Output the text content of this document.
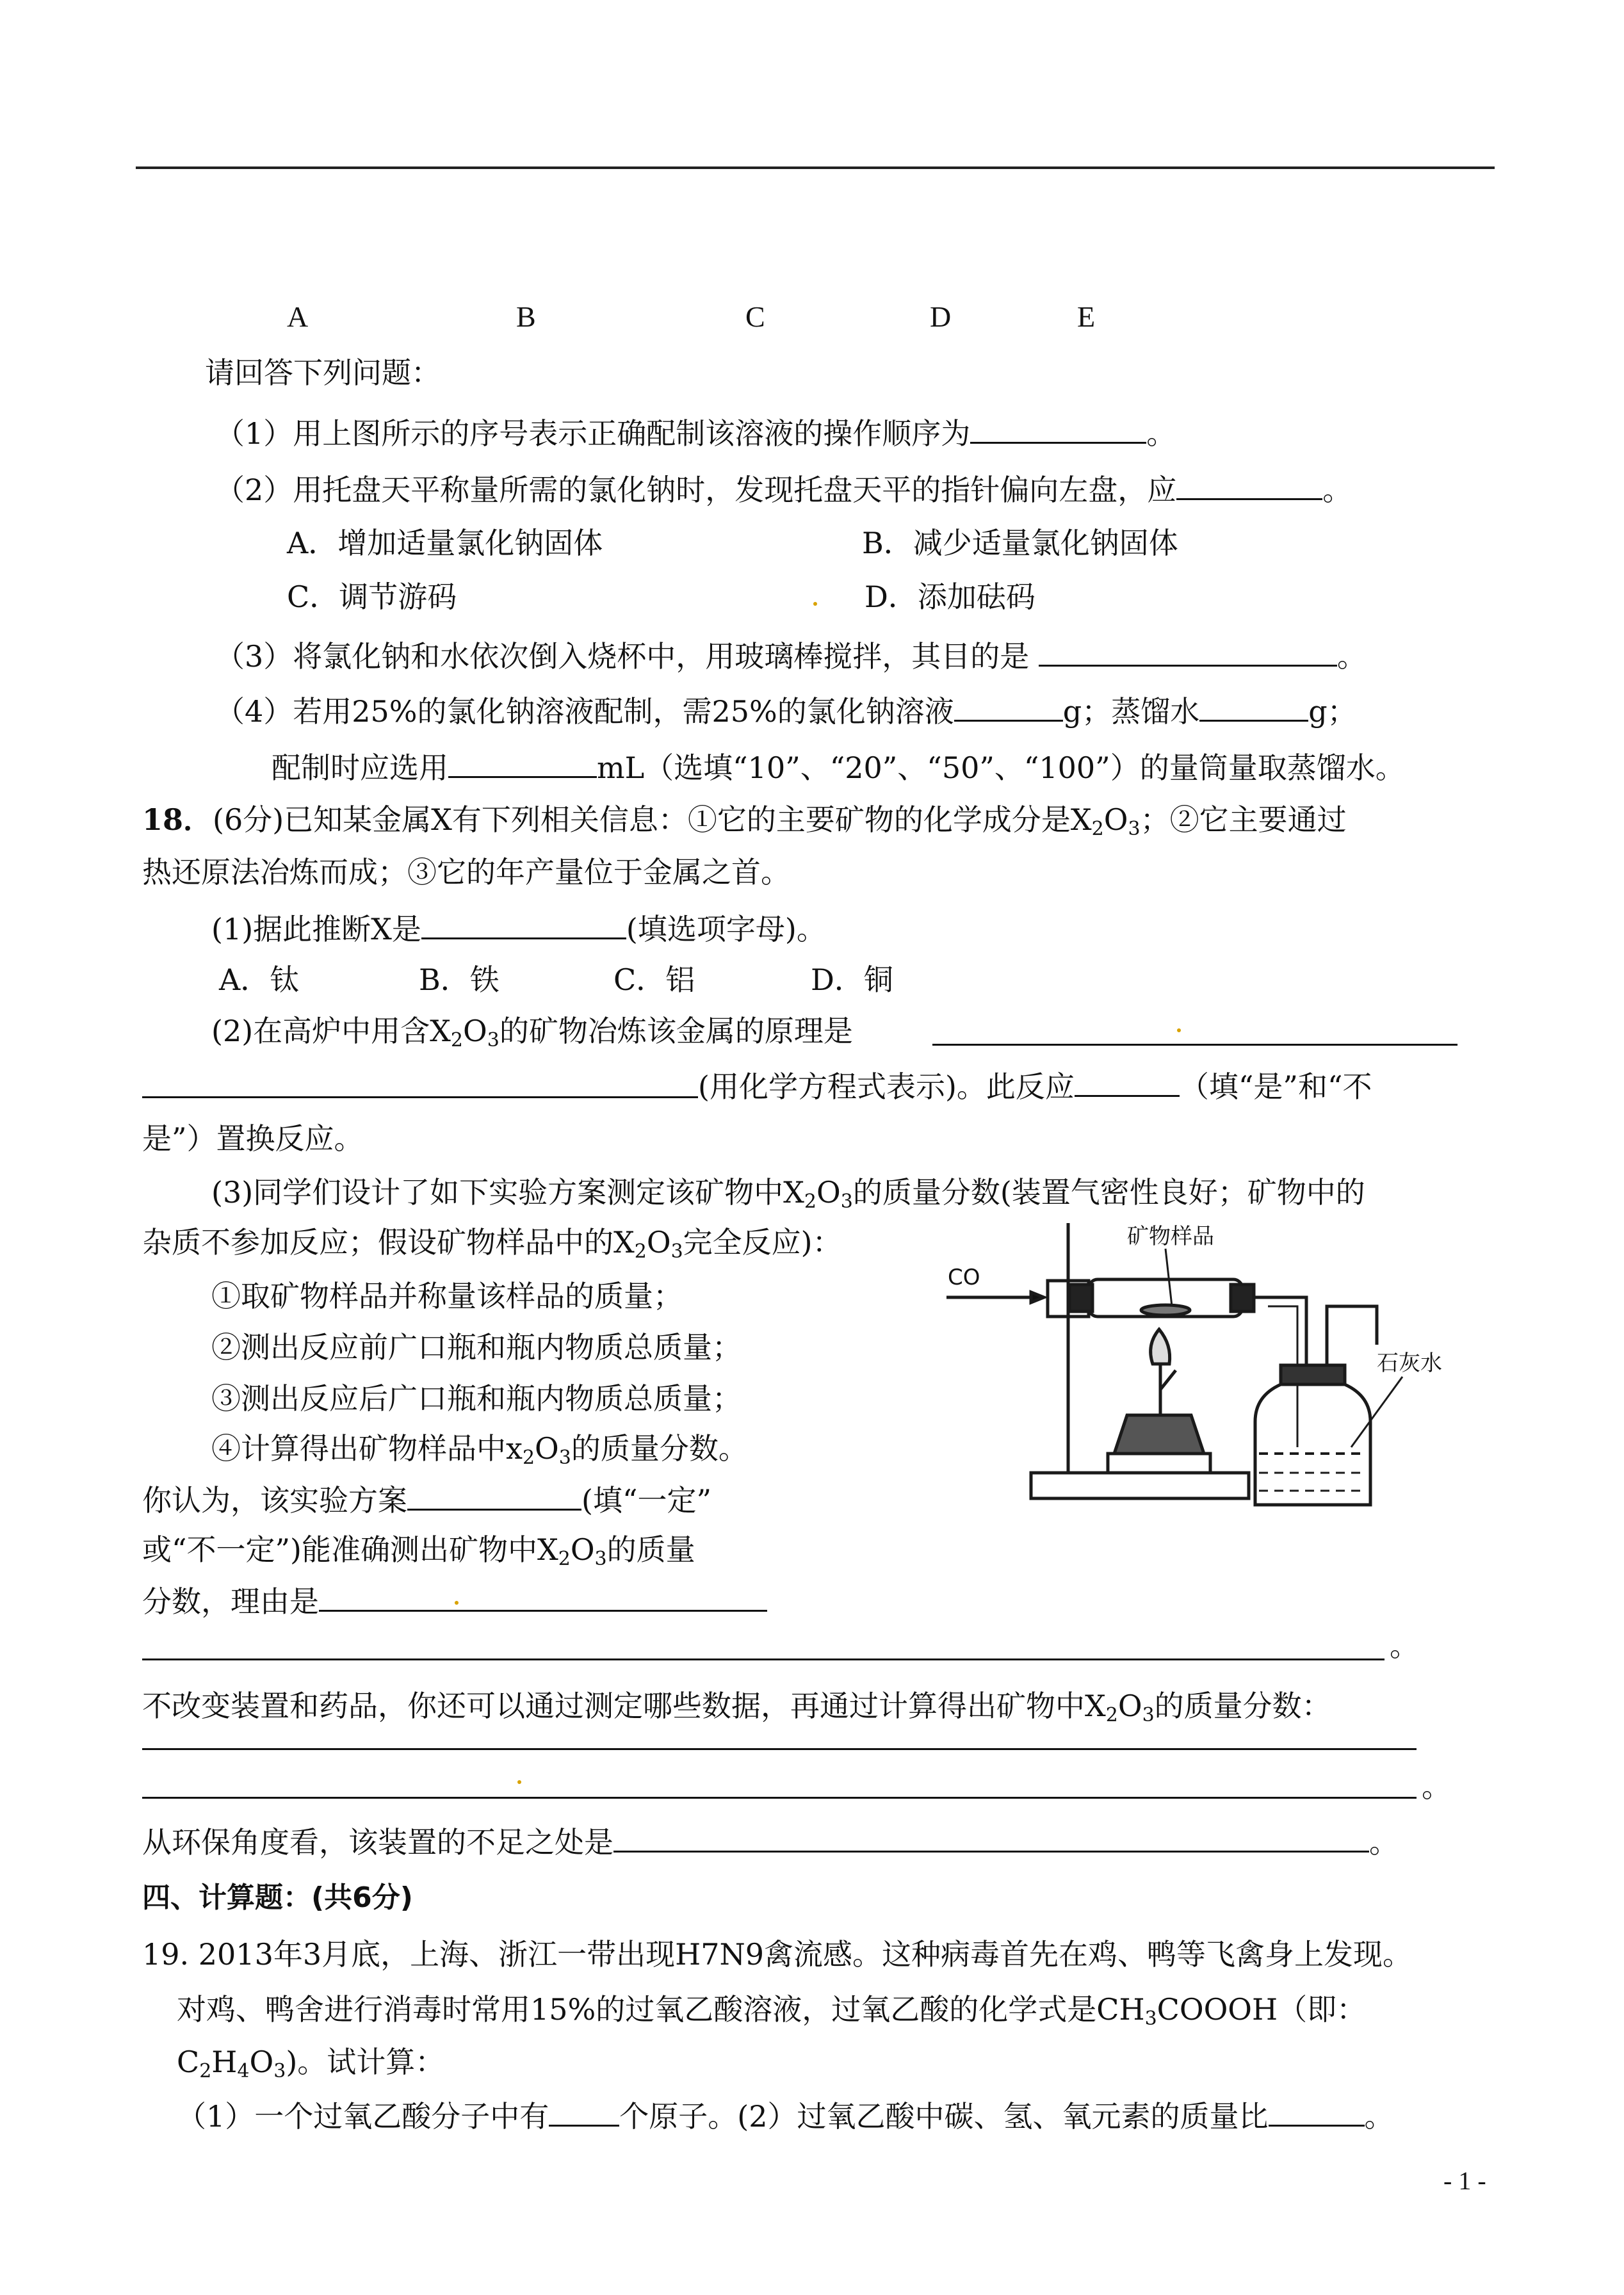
A	B	C	D	E
请回答下列问题：
（1）用上图所示的序号表示正确配制该溶液的操作顺序为	。
（2）用托盘天平称量所需的氯化钠时，发现托盘天平的指针偏向左盘，应	。
A．增加适量氯化钠固体	B．减少适量氯化钠固体
C．调节游码	D．添加砝码
（3）将氯化钠和水依次倒入烧杯中，用玻璃棒搅拌，其目的是	。
（4）若用25%的氯化钠溶液配制，需25%的氯化钠溶液	g；蒸馏水	g；
配制时应选用	mL（选填“10”、“20”、“50”、“100”）的量筒量取蒸馏水。
18．(6分)已知某金属X有下列相关信息：①它的主要矿物的化学成分是$X_2O_3$；②它主要通过
热还原法冶炼而成；③它的年产量位于金属之首。
(1)据此推断X是	(填选项字母)。
A．钛	B．铁	C．铝	D．铜
(2)在高炉中用含$X_2O_3$的矿物冶炼该金属的原理是
(用化学方程式表示)。此反应	（填“是”和“不
是”）置换反应。
(3)同学们设计了如下实验方案测定该矿物中$X_2O_3$的质量分数(装置气密性良好；矿物中的
杂质不参加反应；假设矿物样品中的$X_2O_3$完全反应)：
①取矿物样品并称量该样品的质量；
②测出反应前广口瓶和瓶内物质总质量；
③测出反应后广口瓶和瓶内物质总质量；
④计算得出矿物样品中$x_2O_3$的质量分数。
你认为，该实验方案	(填“一定”
或“不一定”)能准确测出矿物中$X_2O_3$的质量
分数，理由是
。
不改变装置和药品，你还可以通过测定哪些数据，再通过计算得出矿物中$X_2O_3$的质量分数：
。
从环保角度看，该装置的不足之处是	。
四、计算题：(共6分)
19. 2013年3月底，上海、浙江一带出现H7N9禽流感。这种病毒首先在鸡、鸭等飞禽身上发现。
对鸡、鸭舍进行消毒时常用15%的过氧乙酸溶液，过氧乙酸的化学式是$CH_3COOOH$（即：
$C_2H_4O_3$)。试计算：
（1）一个过氧乙酸分子中有 个原子。(2）过氧乙酸中碳、氢、氧元素的质量比	。
- 1 -
CO
矿物样品
石灰水
